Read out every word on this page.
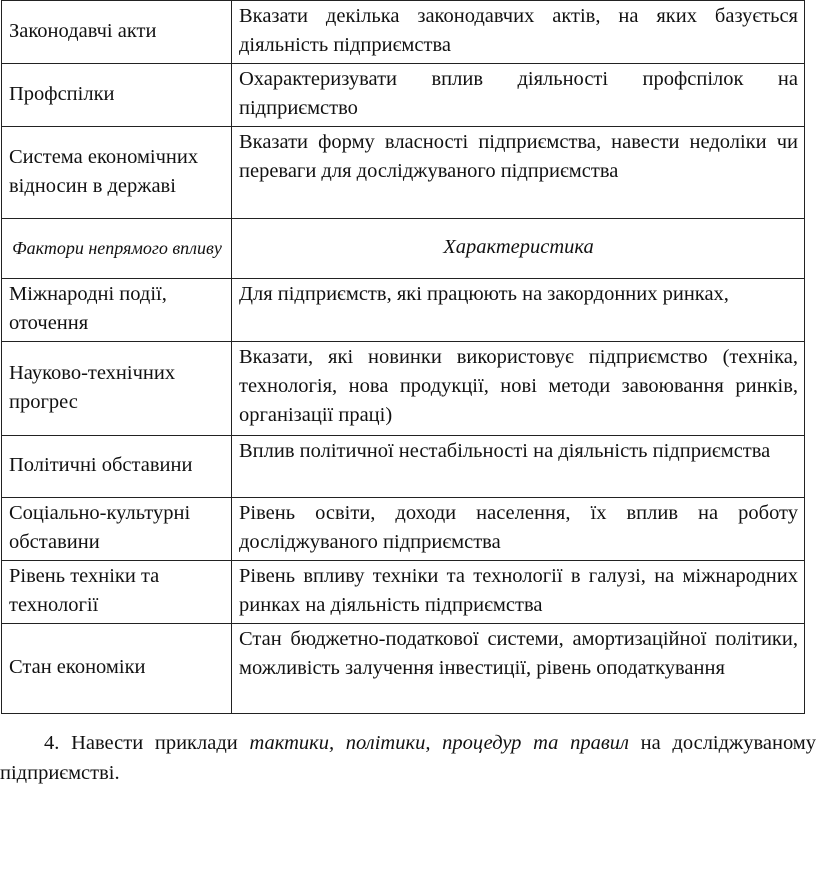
Законодавчі акти	Вказати декілька законодавчих актів, на яких базується діяльність підприємства
Профспілки	Охарактеризувати вплив діяльності профспілок на підприємство
Система економічних відносин в державі	Вказати форму власності підприємства, навести недоліки чи переваги для досліджуваного підприємства
Фактори непрямого впливу	Характеристика
Міжнародні події, оточення	Для підприємств, які працюють на закордонних ринках,
Науково-технічних прогрес	Вказати, які новинки використовує підприємство (техніка, технологія, нова продукції, нові методи завоювання ринків, організації праці)
Політичні обставини	Вплив політичної нестабільності на діяльність підприємства
Соціально-культурні обставини	Рівень освіти, доходи населення, їх вплив на роботу досліджуваного підприємства
Рівень техніки та технології	Рівень впливу техніки та технології в галузі, на міжнародних ринках на діяльність підприємства
Стан економіки	Стан бюджетно-податкової системи, амортизаційної політики, можливість залучення інвестиції, рівень оподаткування

4. Навести приклади тактики, політики, процедур та правил на досліджуваному підприємстві.
